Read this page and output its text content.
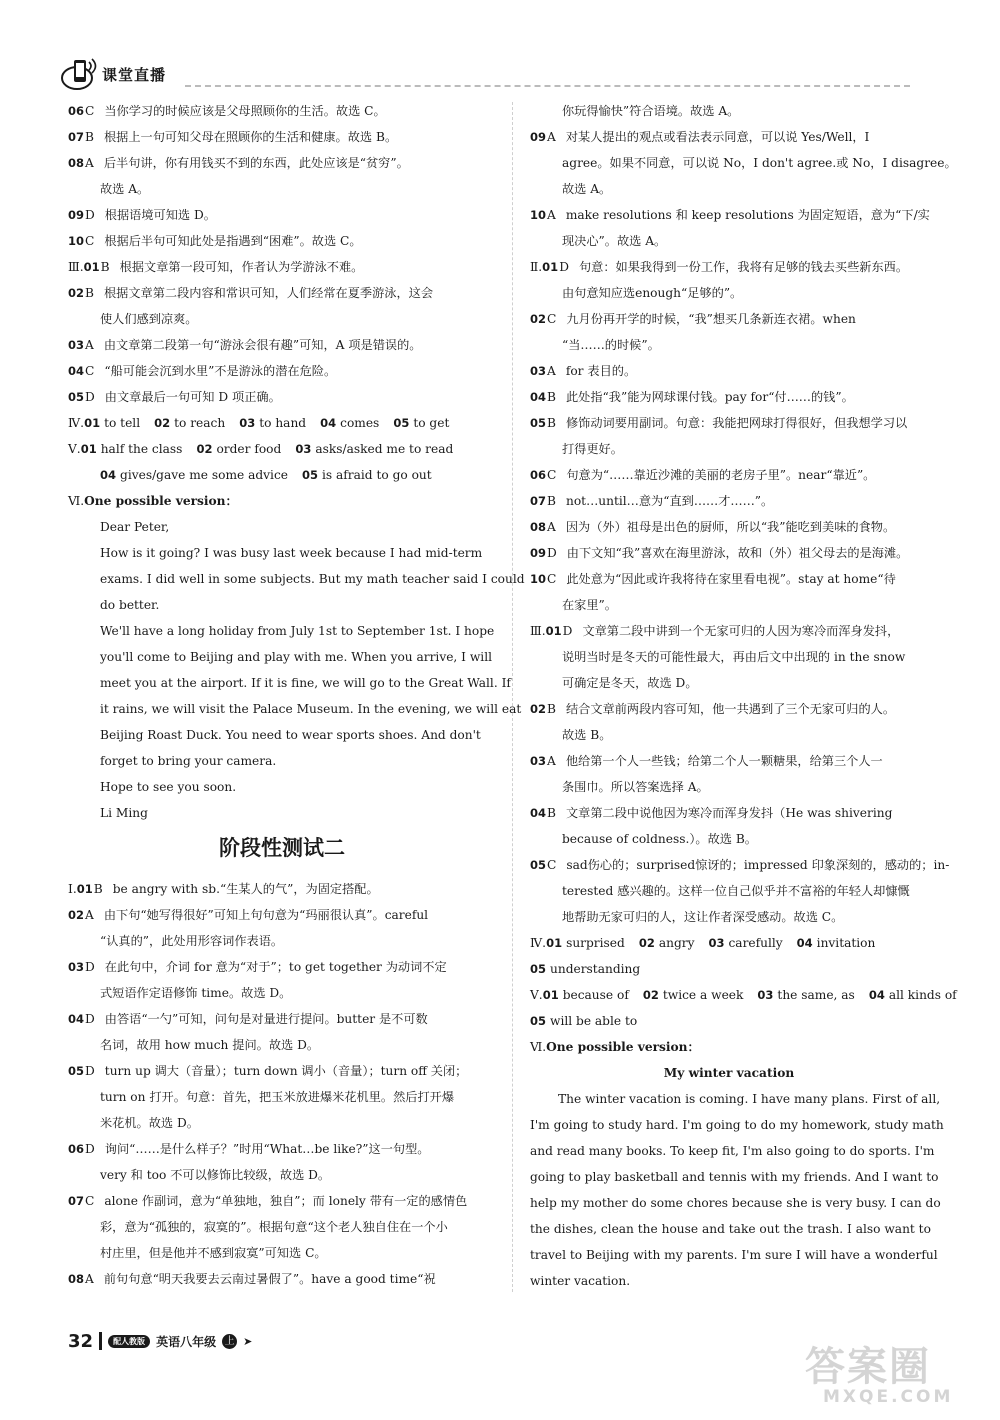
课堂直播
06C 当你学习的时候应该是父母照顾你的生活。故选 C。
07B 根据上一句可知父母在照顾你的生活和健康。故选 B。
08A 后半句讲，你有用钱买不到的东西，此处应该是“贫穷”。
故选 A。
09D 根据语境可知选 D。
10C 根据后半句可知此处是指遇到“困难”。故选 C。
Ⅲ.01B 根据文章第一段可知，作者认为学游泳不难。
02B 根据文章第二段内容和常识可知，人们经常在夏季游泳，这会
使人们感到凉爽。
03A 由文章第二段第一句“游泳会很有趣”可知，A 项是错误的。
04C “船可能会沉到水里”不是游泳的潜在危险。
05D 由文章最后一句可知 D 项正确。
Ⅳ.01 to tell 02 to reach 03 to hand 04 comes 05 to get
Ⅴ.01 half the class 02 order food 03 asks/asked me to read
04 gives/gave me some advice 05 is afraid to go out
Ⅵ.One possible version：
Dear Peter,
How is it going? I was busy last week because I had mid-term
exams. I did well in some subjects. But my math teacher said I could
do better.
We'll have a long holiday from July 1st to September 1st. I hope
you'll come to Beijing and play with me. When you arrive, I will
meet you at the airport. If it is fine, we will go to the Great Wall. If
it rains, we will visit the Palace Museum. In the evening, we will eat
Beijing Roast Duck. You need to wear sports shoes. And don't
forget to bring your camera.
Hope to see you soon.
Li Ming
阶段性测试二
Ⅰ.01B be angry with sb.“生某人的气”，为固定搭配。
02A 由下句“她写得很好”可知上句句意为“玛丽很认真”。careful
“认真的”，此处用形容词作表语。
03D 在此句中，介词 for 意为“对于”；to get together 为动词不定
式短语作定语修饰 time。故选 D。
04D 由答语“一勺”可知，问句是对量进行提问。butter 是不可数
名词，故用 how much 提问。故选 D。
05D turn up 调大（音量）；turn down 调小（音量）；turn off 关闭；
turn on 打开。句意：首先，把玉米放进爆米花机里。然后打开爆
米花机。故选 D。
06D 询问“……是什么样子？”时用“What…be like?”这一句型。
very 和 too 不可以修饰比较级，故选 D。
07C alone 作副词，意为“单独地，独自”；而 lonely 带有一定的感情色
彩，意为“孤独的，寂寞的”。根据句意“这个老人独自住在一个小
村庄里，但是他并不感到寂寞”可知选 C。
08A 前句句意“明天我要去云南过暑假了”。have a good time“祝
你玩得愉快”符合语境。故选 A。
09A 对某人提出的观点或看法表示同意，可以说 Yes/Well，I
agree。如果不同意，可以说 No，I don't agree.或 No，I disagree。
故选 A。
10A make resolutions 和 keep resolutions 为固定短语，意为“下/实
现决心”。故选 A。
Ⅱ.01D 句意：如果我得到一份工作，我将有足够的钱去买些新东西。
由句意知应选enough“足够的”。
02C 九月份再开学的时候，“我”想买几条新连衣裙。when
“当……的时候”。
03A for 表目的。
04B 此处指“我”能为网球课付钱。pay for“付……的钱”。
05B 修饰动词要用副词。句意：我能把网球打得很好，但我想学习以
打得更好。
06C 句意为“……靠近沙滩的美丽的老房子里”。near“靠近”。
07B not…until…意为“直到……才……”。
08A 因为（外）祖母是出色的厨师，所以“我”能吃到美味的食物。
09D 由下文知“我”喜欢在海里游泳，故和（外）祖父母去的是海滩。
10C 此处意为“因此或许我将待在家里看电视”。stay at home“待
在家里”。
Ⅲ.01D 文章第二段中讲到一个无家可归的人因为寒冷而浑身发抖，
说明当时是冬天的可能性最大，再由后文中出现的 in the snow
可确定是冬天，故选 D。
02B 结合文章前两段内容可知，他一共遇到了三个无家可归的人。
故选 B。
03A 他给第一个人一些钱；给第二个人一颗糖果，给第三个人一
条围巾。所以答案选择 A。
04B 文章第二段中说他因为寒冷而浑身发抖（He was shivering
because of coldness.）。故选 B。
05C sad伤心的；surprised惊讶的；impressed 印象深刻的，感动的；in-
terested 感兴趣的。这样一位自己似乎并不富裕的年轻人却慷慨
地帮助无家可归的人，这让作者深受感动。故选 C。
Ⅳ.01 surprised 02 angry 03 carefully 04 invitation
05 understanding
Ⅴ.01 because of 02 twice a week 03 the same, as 04 all kinds of
05 will be able to
Ⅵ.One possible version：
My winter vacation
The winter vacation is coming. I have many plans. First of all,
I'm going to study hard. I'm going to do my homework, study math
and read many books. To keep fit, I'm also going to do sports. I'm
going to play basketball and tennis with my friends. And I want to
help my mother do some chores because she is very busy. I can do
the dishes, clean the house and take out the trash. I also want to
travel to Beijing with my parents. I'm sure I will have a wonderful
winter vacation.
32	配人教版 英语八年级 上 ➤
答案圈
MXQE.COM
